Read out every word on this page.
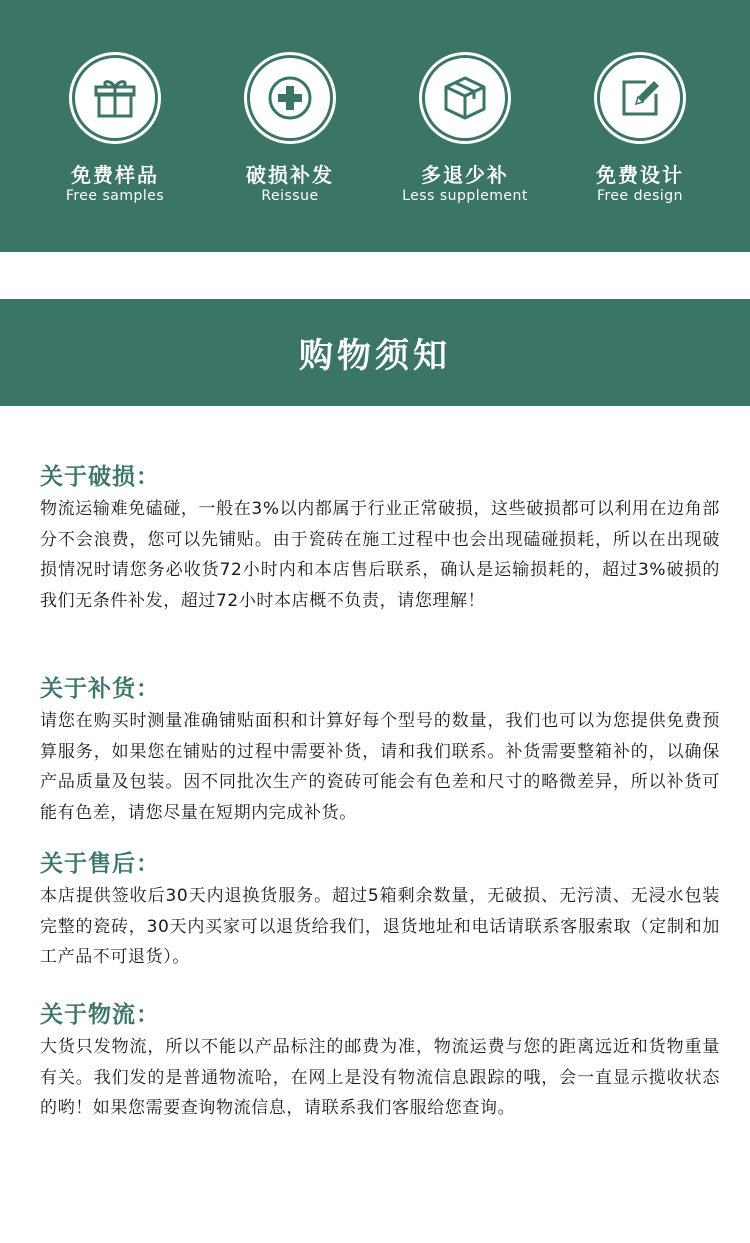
免费样品
Free samples
破损补发
Reissue
多退少补
Less supplement
免费设计
Free design
购物须知
关于破损：
物流运输难免磕碰，一般在3%以内都属于行业正常破损，这些破损都可以利用在边角部分不会浪费，您可以先铺贴。由于瓷砖在施工过程中也会出现磕碰损耗，所以在出现破损情况时请您务必收货72小时内和本店售后联系，确认是运输损耗的，超过3%破损的我们无条件补发，超过72小时本店概不负责，请您理解！
关于补货：
请您在购买时测量准确铺贴面积和计算好每个型号的数量，我们也可以为您提供免费预算服务，如果您在铺贴的过程中需要补货，请和我们联系。补货需要整箱补的，以确保产品质量及包装。因不同批次生产的瓷砖可能会有色差和尺寸的略微差异，所以补货可能有色差，请您尽量在短期内完成补货。
关于售后：
本店提供签收后30天内退换货服务。超过5箱剩余数量，无破损、无污渍、无浸水包装完整的瓷砖，30天内买家可以退货给我们，退货地址和电话请联系客服索取（定制和加工产品不可退货）。
关于物流：
大货只发物流，所以不能以产品标注的邮费为准，物流运费与您的距离远近和货物重量有关。我们发的是普通物流哈，在网上是没有物流信息跟踪的哦，会一直显示揽收状态的哟！如果您需要查询物流信息，请联系我们客服给您查询。
